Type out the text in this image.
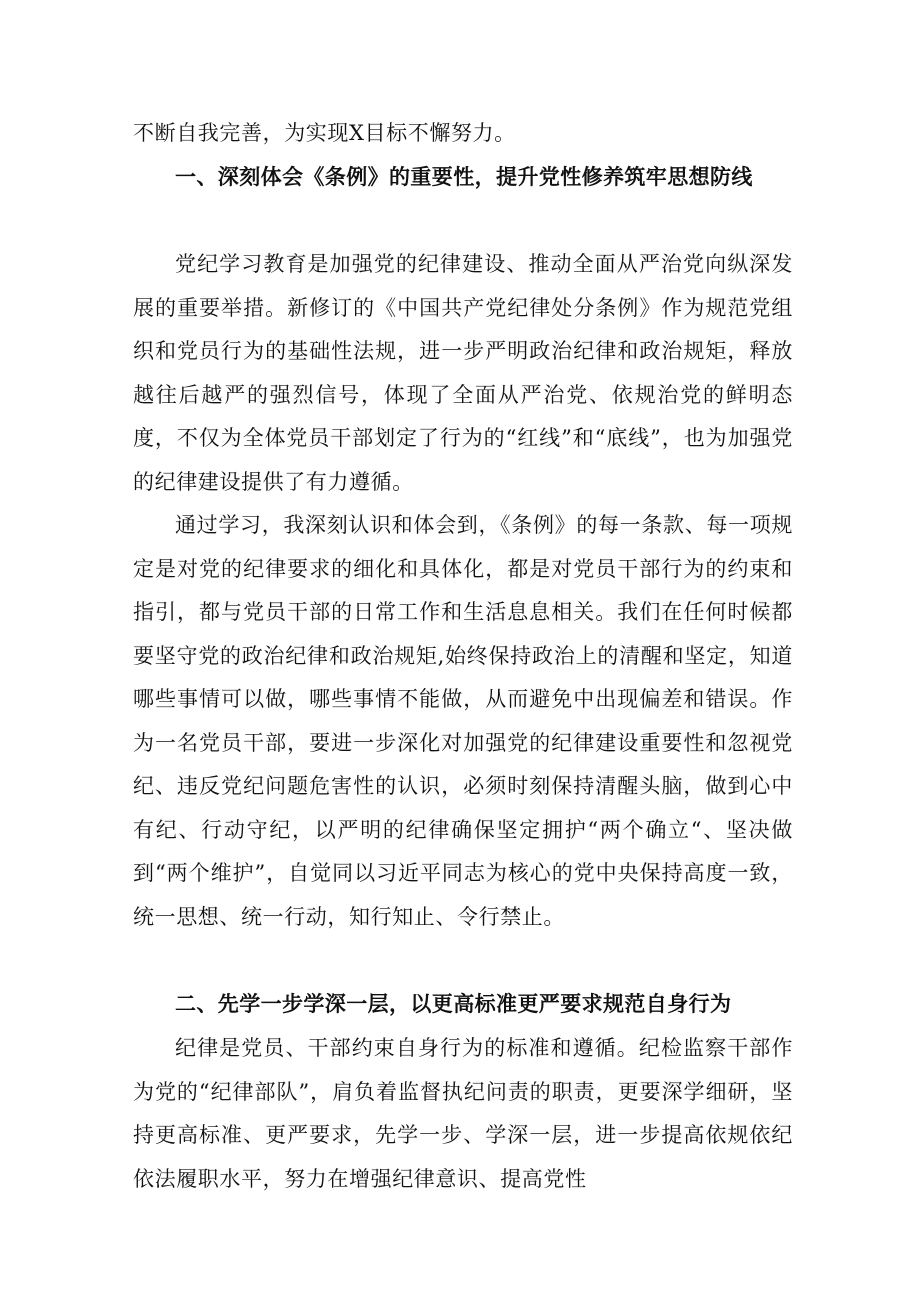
不断自我完善，为实现X目标不懈努力。

一、深刻体会《条例》的重要性，提升党性修养筑牢思想防线

党纪学习教育是加强党的纪律建设、推动全面从严治党向纵深发展的重要举措。新修订的《中国共产党纪律处分条例》作为规范党组织和党员行为的基础性法规，进一步严明政治纪律和政治规矩，释放越往后越严的强烈信号，体现了全面从严治党、依规治党的鲜明态度，不仅为全体党员干部划定了行为的“红线”和“底线”，也为加强党的纪律建设提供了有力遵循。

通过学习，我深刻认识和体会到，《条例》的每一条款、每一项规定是对党的纪律要求的细化和具体化，都是对党员干部行为的约束和指引，都与党员干部的日常工作和生活息息相关。我们在任何时候都要坚守党的政治纪律和政治规矩,始终保持政治上的清醒和坚定，知道哪些事情可以做，哪些事情不能做，从而避免中出现偏差和错误。作为一名党员干部，要进一步深化对加强党的纪律建设重要性和忽视党纪、违反党纪问题危害性的认识，必须时刻保持清醒头脑，做到心中有纪、行动守纪，以严明的纪律确保坚定拥护“两个确立“、坚决做到“两个维护”，自觉同以习近平同志为核心的党中央保持高度一致，统一思想、统一行动，知行知止、令行禁止。

二、先学一步学深一层，以更高标准更严要求规范自身行为

纪律是党员、干部约束自身行为的标准和遵循。纪检监察干部作为党的“纪律部队”，肩负着监督执纪问责的职责，更要深学细研，坚持更高标准、更严要求，先学一步、学深一层，进一步提高依规依纪依法履职水平，努力在增强纪律意识、提高党性
